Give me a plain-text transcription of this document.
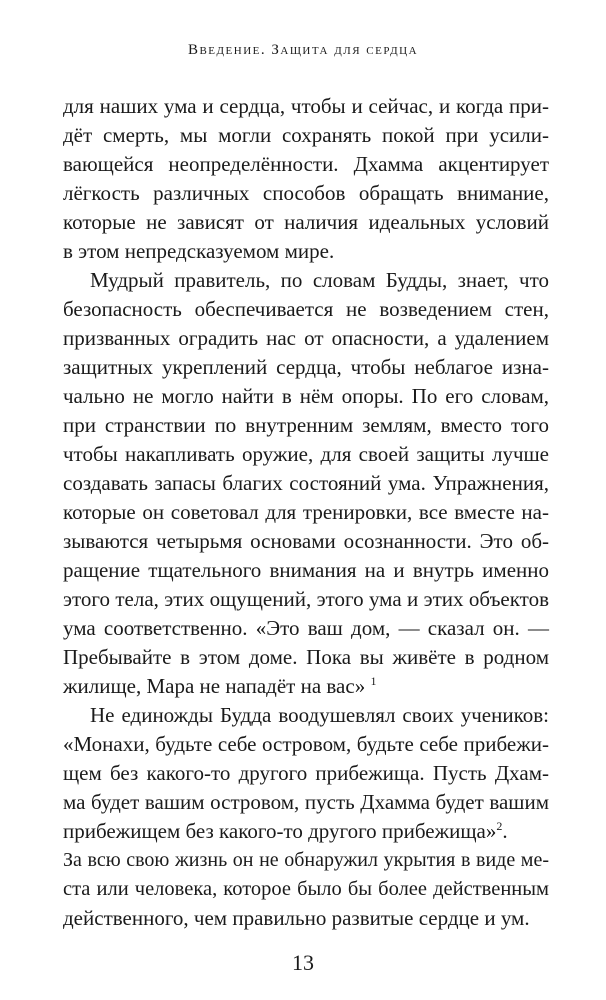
Введение. Защита для сердца
для наших ума и сердца, чтобы и сейчас, и когда при-
дёт смерть, мы могли сохранять покой при усили-
вающейся неопределённости. Дхамма акцентирует
лёгкость различных способов обращать внимание,
которые не зависят от наличия идеальных условий
в этом непредсказуемом мире.
Мудрый правитель, по словам Будды, знает, что
безопасность обеспечивается не возведением стен,
призванных оградить нас от опасности, а удалением
защитных укреплений сердца, чтобы неблагое изна-
чально не могло найти в нём опоры. По его словам,
при странствии по внутренним землям, вместо того
чтобы накапливать оружие, для своей защиты лучше
создавать запасы благих состояний ума. Упражнения,
которые он советовал для тренировки, все вместе на-
зываются четырьмя основами осознанности. Это об-
ращение тщательного внимания на и внутрь именно
этого тела, этих ощущений, этого ума и этих объектов
ума соответственно. «Это ваш дом, — сказал он. —
Пребывайте в этом доме. Пока вы живёте в родном
жилище, Мара не нападёт на вас» $^1$
Не единожды Будда воодушевлял своих учеников:
«Монахи, будьте себе островом, будьте себе прибежи-
щем без какого-то другого прибежища. Пусть Дхам-
ма будет вашим островом, пусть Дхамма будет вашим
прибежищем без какого-то другого прибежища»$^2$.
За всю свою жизнь он не обнаружил укрытия в виде ме-
ста или человека, которое было бы более действенным
действенного, чем правильно развитые сердце и ум.
13
